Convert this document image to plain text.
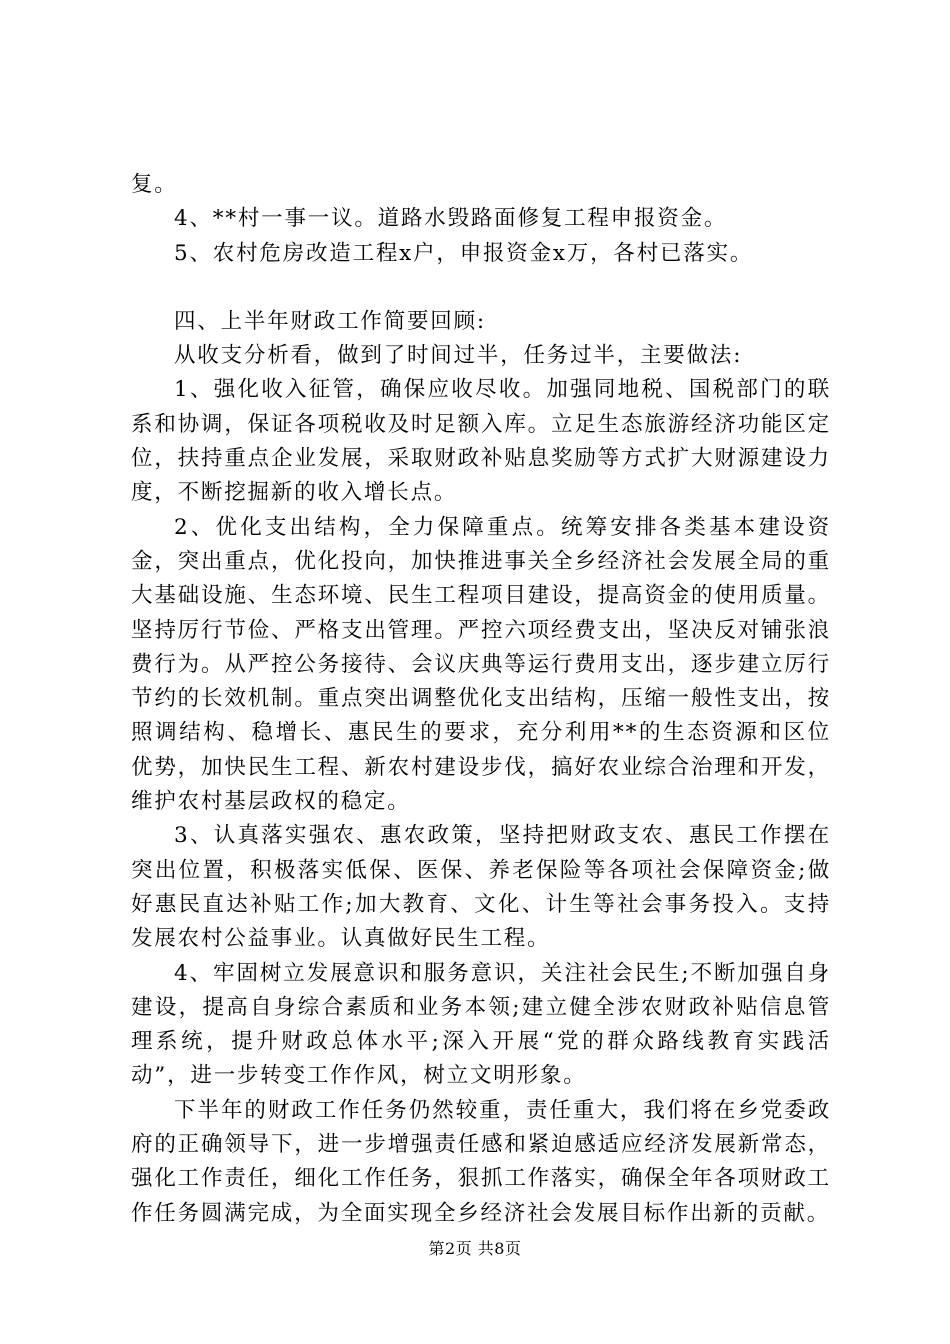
复。

4、**村一事一议。道路水毁路面修复工程申报资金。

5、农村危房改造工程x户，申报资金x万，各村已落实。

四、上半年财政工作简要回顾:

从收支分析看，做到了时间过半，任务过半，主要做法:

1、强化收入征管，确保应收尽收。加强同地税、国税部门的联系和协调，保证各项税收及时足额入库。立足生态旅游经济功能区定位，扶持重点企业发展，采取财政补贴息奖励等方式扩大财源建设力度，不断挖掘新的收入增长点。

2、优化支出结构，全力保障重点。统筹安排各类基本建设资金，突出重点，优化投向，加快推进事关全乡经济社会发展全局的重大基础设施、生态环境、民生工程项目建设，提高资金的使用质量。坚持厉行节俭、严格支出管理。严控六项经费支出，坚决反对铺张浪费行为。从严控公务接待、会议庆典等运行费用支出，逐步建立厉行节约的长效机制。重点突出调整优化支出结构，压缩一般性支出，按照调结构、稳增长、惠民生的要求，充分利用**的生态资源和区位优势，加快民生工程、新农村建设步伐，搞好农业综合治理和开发，维护农村基层政权的稳定。

3、认真落实强农、惠农政策，坚持把财政支农、惠民工作摆在突出位置，积极落实低保、医保、养老保险等各项社会保障资金;做好惠民直达补贴工作;加大教育、文化、计生等社会事务投入。支持发展农村公益事业。认真做好民生工程。

4、牢固树立发展意识和服务意识，关注社会民生;不断加强自身建设，提高自身综合素质和业务本领;建立健全涉农财政补贴信息管理系统，提升财政总体水平;深入开展“党的群众路线教育实践活动”，进一步转变工作作风，树立文明形象。

下半年的财政工作任务仍然较重，责任重大，我们将在乡党委政府的正确领导下，进一步增强责任感和紧迫感适应经济发展新常态，强化工作责任，细化工作任务，狠抓工作落实，确保全年各项财政工作任务圆满完成，为全面实现全乡经济社会发展目标作出新的贡献。

第2页 共8页
